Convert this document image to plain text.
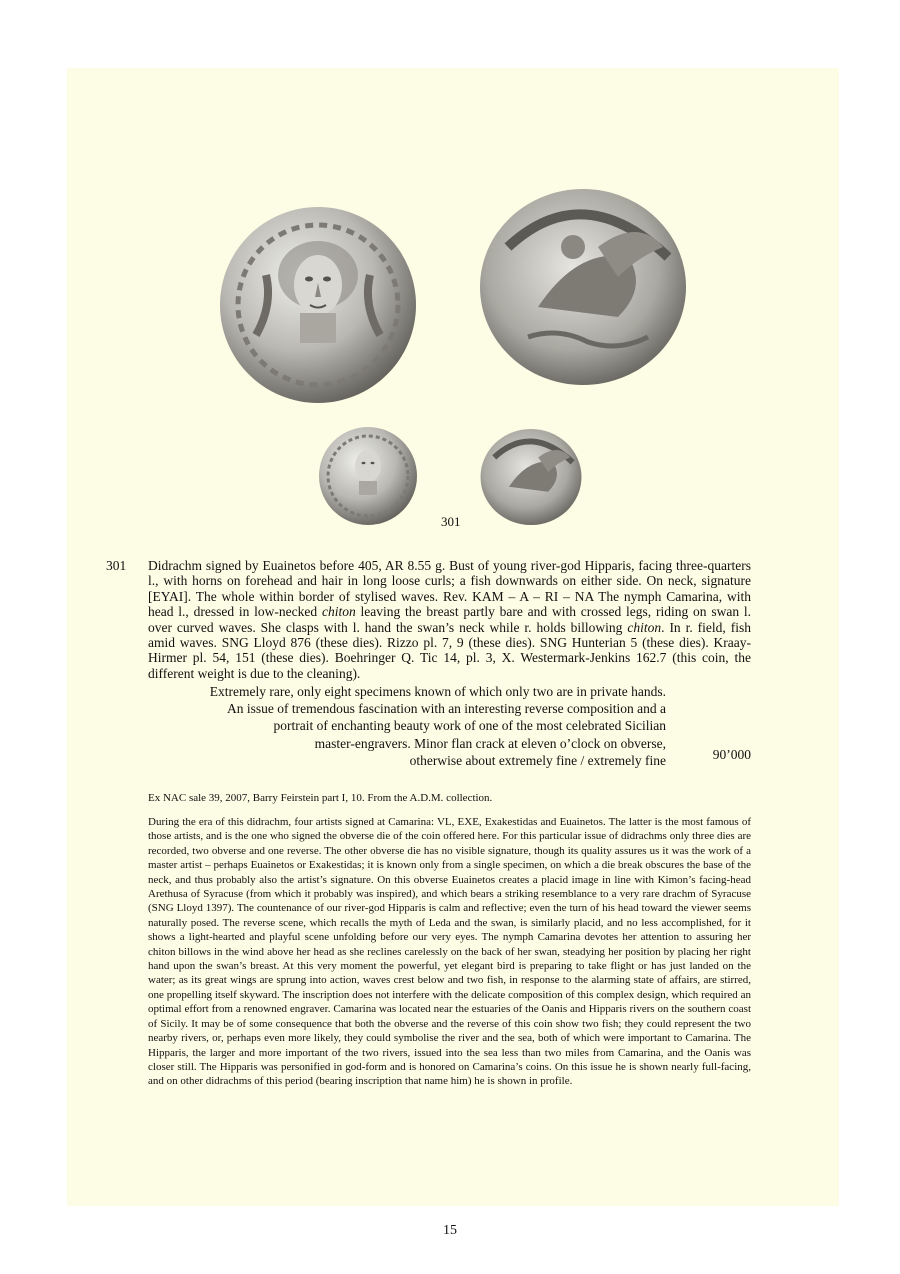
301
301 Didrachm signed by Euainetos before 405, AR 8.55 g. Bust of young river-god Hipparis, facing three-quarters l., with horns on forehead and hair in long loose curls; a fish downwards on either side. On neck, signature [EYAI]. The whole within border of stylised waves. Rev. KAM – A – RI – NA The nymph Camarina, with head l., dressed in low-necked chiton leaving the breast partly bare and with crossed legs, riding on swan l. over curved waves. She clasps with l. hand the swan’s neck while r. holds billowing chiton. In r. field, fish amid waves. SNG Lloyd 876 (these dies). Rizzo pl. 7, 9 (these dies). SNG Hunterian 5 (these dies). Kraay-Hirmer pl. 54, 151 (these dies). Boehringer Q. Tic 14, pl. 3, X. Westermark-Jenkins 162.7 (this coin, the different weight is due to the cleaning).

Extremely rare, only eight specimens known of which only two are in private hands.
An issue of tremendous fascination with an interesting reverse composition and a
portrait of enchanting beauty work of one of the most celebrated Sicilian
master-engravers. Minor flan crack at eleven o’clock on obverse,
otherwise about extremely fine / extremely fine	90’000
Ex NAC sale 39, 2007, Barry Feirstein part I, 10. From the A.D.M. collection.
During the era of this didrachm, four artists signed at Camarina: VL, EXE, Exakestidas and Euainetos. The latter is the most famous of those artists, and is the one who signed the obverse die of the coin offered here. For this particular issue of didrachms only three dies are recorded, two obverse and one reverse. The other obverse die has no visible signature, though its quality assures us it was the work of a master artist – perhaps Euainetos or Exakestidas; it is known only from a single specimen, on which a die break obscures the base of the neck, and thus probably also the artist’s signature. On this obverse Euainetos creates a placid image in line with Kimon’s facing-head Arethusa of Syracuse (from which it probably was inspired), and which bears a striking resemblance to a very rare drachm of Syracuse (SNG Lloyd 1397). The countenance of our river-god Hipparis is calm and reflective; even the turn of his head toward the viewer seems naturally posed. The reverse scene, which recalls the myth of Leda and the swan, is similarly placid, and no less accomplished, for it shows a light-hearted and playful scene unfolding before our very eyes. The nymph Camarina devotes her attention to assuring her chiton billows in the wind above her head as she reclines carelessly on the back of her swan, steadying her position by placing her right hand upon the swan’s breast. At this very moment the powerful, yet elegant bird is preparing to take flight or has just landed on the water; as its great wings are sprung into action, waves crest below and two fish, in response to the alarming state of affairs, are stirred, one propelling itself skyward. The inscription does not interfere with the delicate composition of this complex design, which required an optimal effort from a renowned engraver. Camarina was located near the estuaries of the Oanis and Hipparis rivers on the southern coast of Sicily. It may be of some consequence that both the obverse and the reverse of this coin show two fish; they could represent the two nearby rivers, or, perhaps even more likely, they could symbolise the river and the sea, both of which were important to Camarina. The Hipparis, the larger and more important of the two rivers, issued into the sea less than two miles from Camarina, and the Oanis was closer still. The Hipparis was personified in god-form and is honored on Camarina’s coins. On this issue he is shown nearly full-facing, and on other didrachms of this period (bearing inscription that name him) he is shown in profile.
15
